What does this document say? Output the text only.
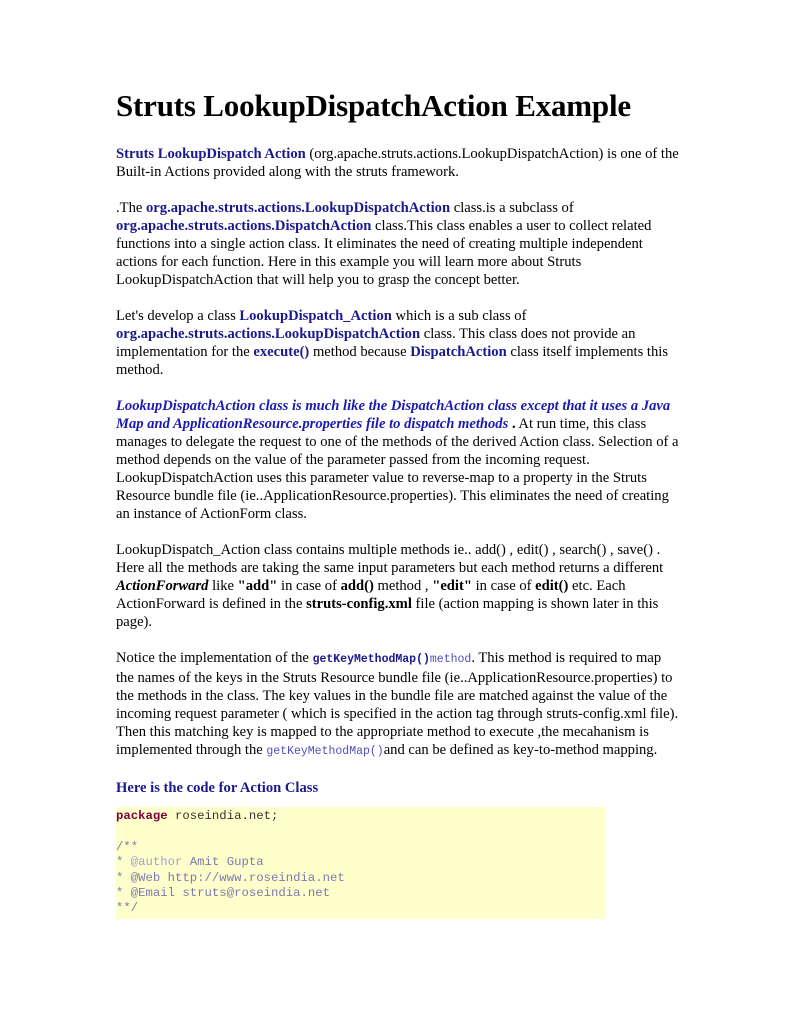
Struts LookupDispatchAction Example

Struts LookupDispatch Action (org.apache.struts.actions.LookupDispatchAction) is one of the Built-in Actions provided along with the struts framework.

.The org.apache.struts.actions.LookupDispatchAction class.is a subclass of org.apache.struts.actions.DispatchAction class.This class enables a user to collect related functions into a single action class. It eliminates the need of creating multiple independent actions for each function. Here in this example you will learn more about Struts LookupDispatchAction that will help you to grasp the concept better.

Let's develop a class LookupDispatch_Action which is a sub class of org.apache.struts.actions.LookupDispatchAction class. This class does not provide an implementation for the execute() method because DispatchAction class itself implements this method.

LookupDispatchAction class is much like the DispatchAction class except that it uses a Java Map and ApplicationResource.properties file to dispatch methods . At run time, this class manages to delegate the request to one of the methods of the derived Action class. Selection of a method depends on the value of the parameter passed from the incoming request. LookupDispatchAction uses this parameter value to reverse-map to a property in the Struts Resource bundle file (ie..ApplicationResource.properties). This eliminates the need of creating an instance of ActionForm class.

LookupDispatch_Action class contains multiple methods ie.. add() , edit() , search() , save() . Here all the methods are taking the same input parameters but each method returns a different ActionForward like "add" in case of add() method , "edit" in case of edit() etc. Each ActionForward is defined in the struts-config.xml file (action mapping is shown later in this page).

Notice the implementation of the getKeyMethodMap()method. This method is required to map the names of the keys in the Struts Resource bundle file (ie..ApplicationResource.properties) to the methods in the class. The key values in the bundle file are matched against the value of the incoming request parameter ( which is specified in the action tag through struts-config.xml file). Then this matching key is mapped to the appropriate method to execute ,the mecahanism is implemented through the getKeyMethodMap()and can be defined as key-to-method mapping.

Here is the code for Action Class
package roseindia.net;
/**
* @author Amit Gupta
* @Web http://www.roseindia.net
* @Email struts@roseindia.net
**/
